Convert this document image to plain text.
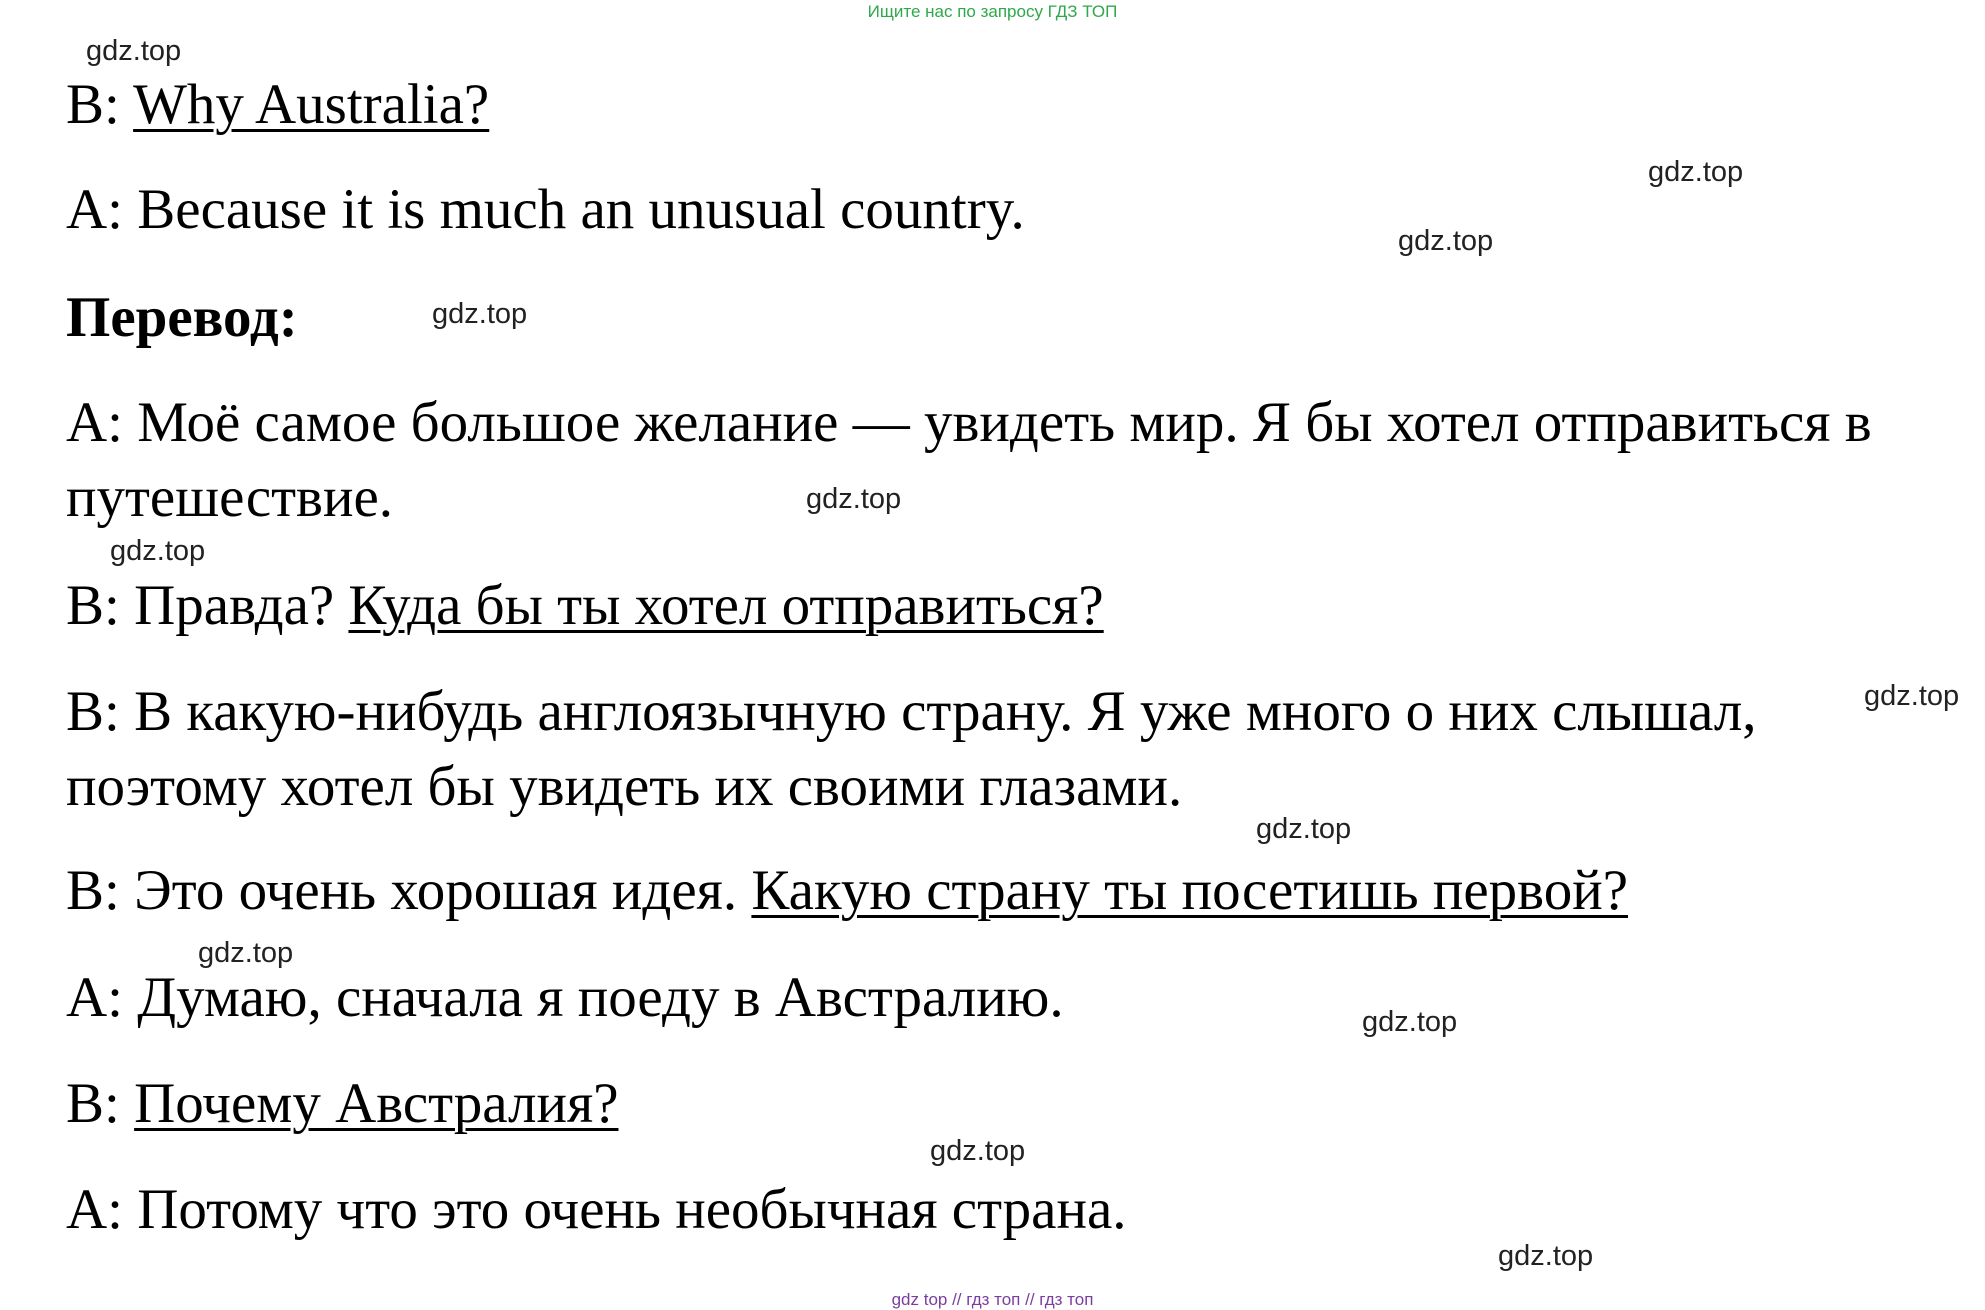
Ищите нас по запросу ГДЗ ТОП
B: Why Australia?
A: Because it is much an unusual country.
Перевод:
A: Моё самое большое желание — увидеть мир. Я бы хотел отправиться в
путешествие.
B: Правда? Куда бы ты хотел отправиться?
B: В какую-нибудь англоязычную страну. Я уже много о них слышал,
поэтому хотел бы увидеть их своими глазами.
B: Это очень хорошая идея. Какую страну ты посетишь первой?
A: Думаю, сначала я поеду в Австралию.
B: Почему Австралия?
A: Потому что это очень необычная страна.
gdz.top
gdz.top
gdz.top
gdz.top
gdz.top
gdz.top
gdz.top
gdz.top
gdz.top
gdz.top
gdz.top
gdz.top
gdz top // гдз топ // гдз топ
